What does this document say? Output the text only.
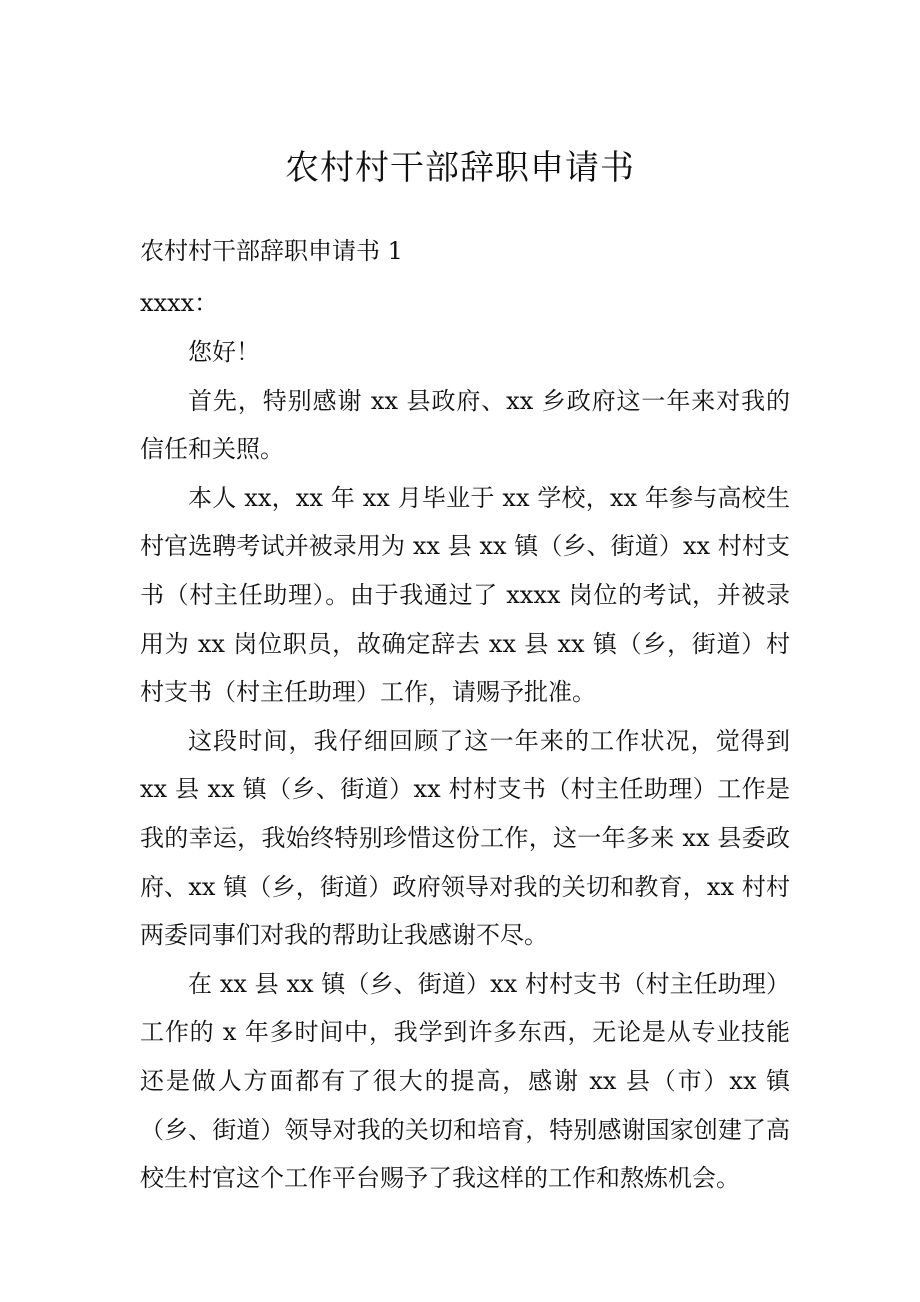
农村村干部辞职申请书

农村村干部辞职申请书 1

xxxx：

您好！

首先，特别感谢 xx 县政府、xx 乡政府这一年来对我的信任和关照。

本人 xx，xx 年 xx 月毕业于 xx 学校，xx 年参与高校生村官选聘考试并被录用为 xx 县 xx 镇（乡、街道）xx 村村支书（村主任助理）。由于我通过了 xxxx 岗位的考试，并被录用为 xx 岗位职员，故确定辞去 xx 县 xx 镇（乡，街道）村村支书（村主任助理）工作，请赐予批准。

这段时间，我仔细回顾了这一年来的工作状况，觉得到 xx 县 xx 镇（乡、街道）xx 村村支书（村主任助理）工作是我的幸运，我始终特别珍惜这份工作，这一年多来 xx 县委政府、xx 镇（乡，街道）政府领导对我的关切和教育，xx 村村两委同事们对我的帮助让我感谢不尽。

在 xx 县 xx 镇（乡、街道）xx 村村支书（村主任助理）工作的 x 年多时间中，我学到许多东西，无论是从专业技能还是做人方面都有了很大的提高，感谢 xx 县（市）xx 镇（乡、街道）领导对我的关切和培育，特别感谢国家创建了高校生村官这个工作平台赐予了我这样的工作和熬炼机会。
